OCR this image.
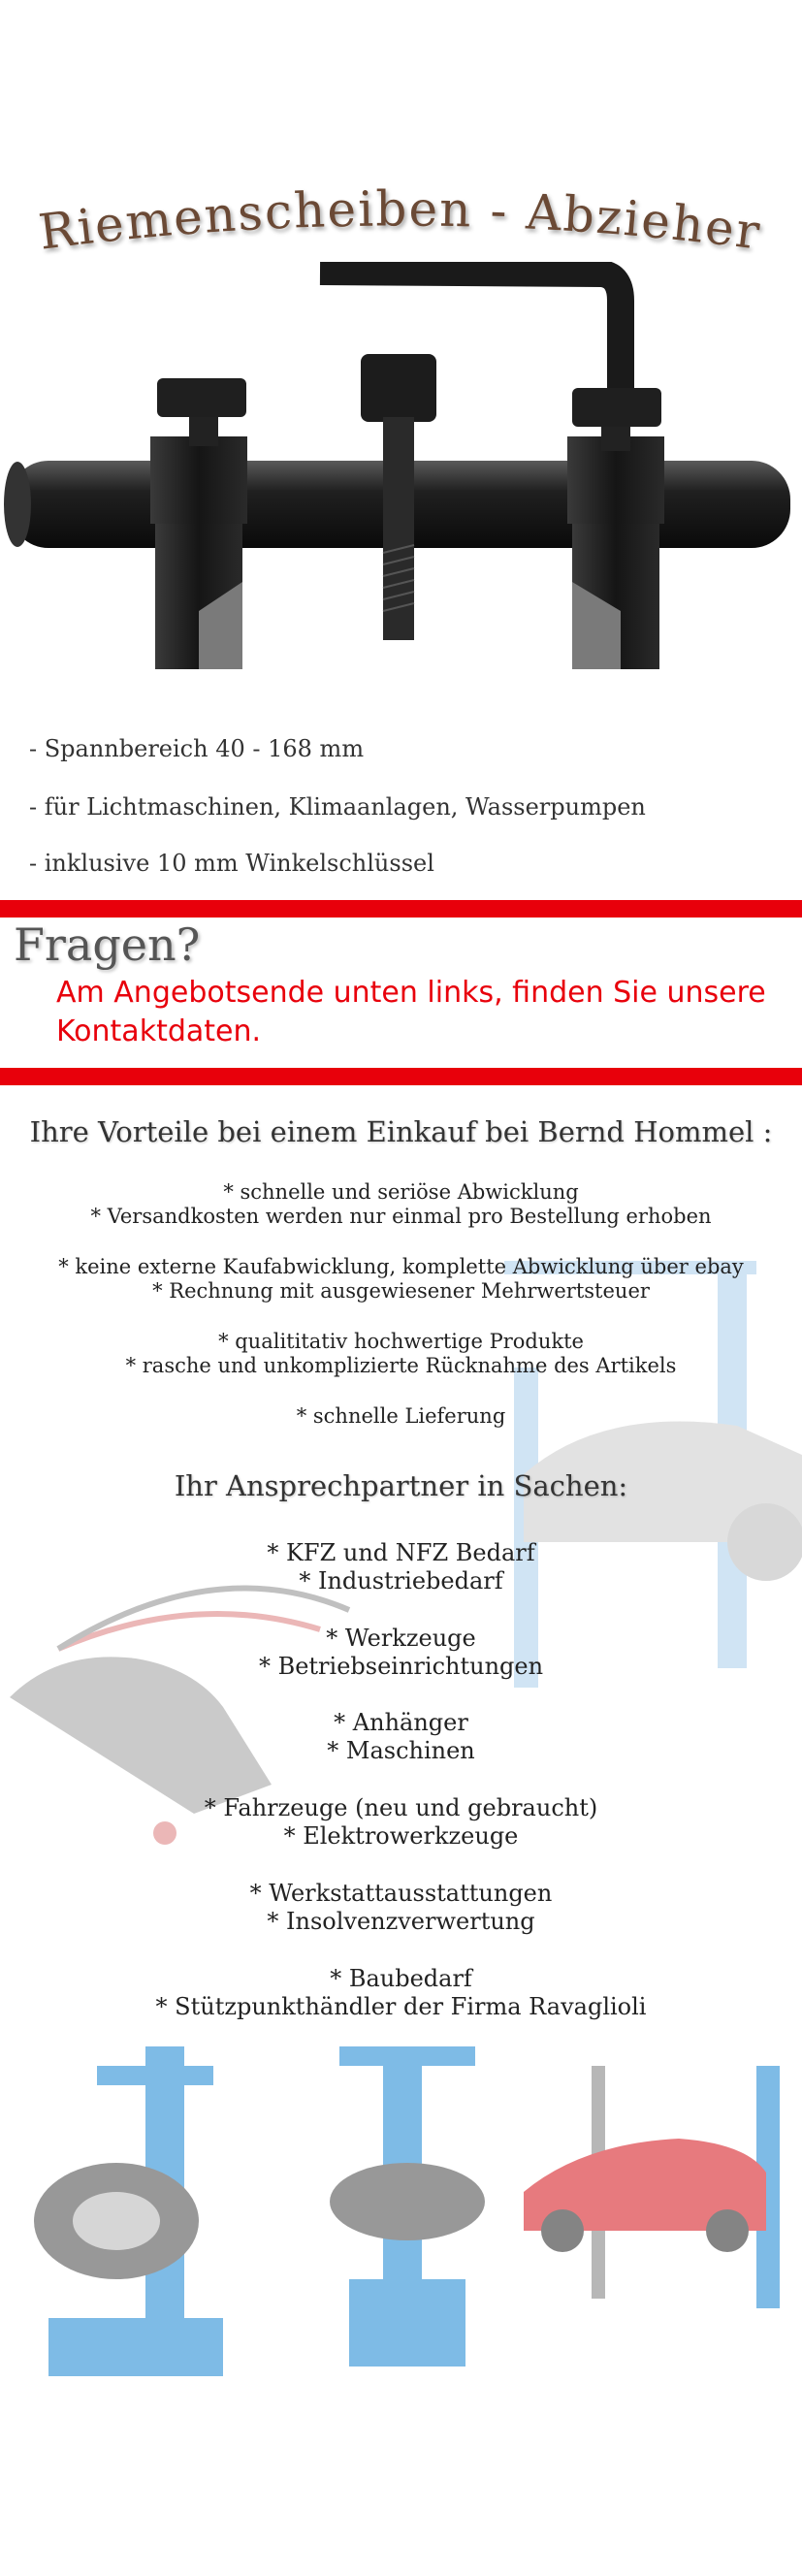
Riemenscheiben - Abzieher
- Spannbereich 40 - 168 mm
- für Lichtmaschinen, Klimaanlagen, Wasserpumpen
- inklusive 10 mm Winkelschlüssel
Fragen?
Am Angebotsende unten links, finden Sie unsere Kontaktdaten.
Ihre Vorteile bei einem Einkauf bei Bernd Hommel :
* schnelle und seriöse Abwicklung
* Versandkosten werden nur einmal pro Bestellung erhoben
* keine externe Kaufabwicklung, komplette Abwicklung über ebay
* Rechnung mit ausgewiesener Mehrwertsteuer
* qualititativ hochwertige Produkte
* rasche und unkomplizierte Rücknahme des Artikels
* schnelle Lieferung
Ihr Ansprechpartner in Sachen:
* KFZ und NFZ Bedarf
* Industriebedarf
* Werkzeuge
* Betriebseinrichtungen
* Anhänger
* Maschinen
* Fahrzeuge (neu und gebraucht)
* Elektrowerkzeuge
* Werkstattausstattungen
* Insolvenzverwertung
* Baubedarf
* Stützpunkthändler der Firma Ravaglioli
